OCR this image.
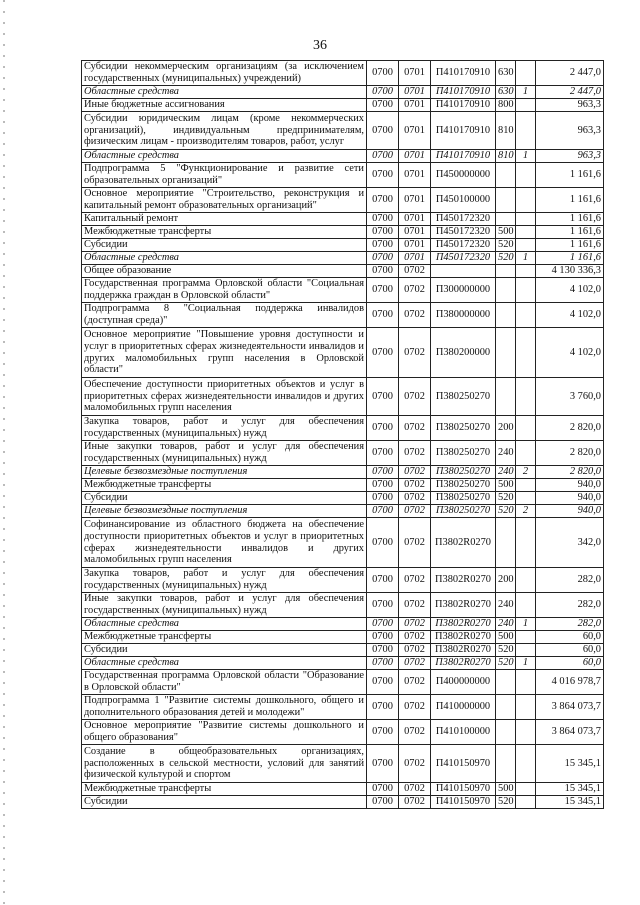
36
Субсидии некоммерческим организациям (за исключением государственных (муниципальных) учреждений)	0700	0701	П410170910	630		2 447,0
Областные средства	0700	0701	П410170910	630	1	2 447,0
Иные бюджетные ассигнования	0700	0701	П410170910	800		963,3
Субсидии юридическим лицам (кроме некоммерческих организаций), индивидуальным предпринимателям, физическим лицам - производителям товаров, работ, услуг	0700	0701	П410170910	810		963,3
Областные средства	0700	0701	П410170910	810	1	963,3
Подпрограмма 5 "Функционирование и развитие сети образовательных организаций"	0700	0701	П450000000			1 161,6
Основное мероприятие "Строительство, реконструкция и капитальный ремонт образовательных организаций"	0700	0701	П450100000			1 161,6
Капитальный ремонт	0700	0701	П450172320			1 161,6
Межбюджетные трансферты	0700	0701	П450172320	500		1 161,6
Субсидии	0700	0701	П450172320	520		1 161,6
Областные средства	0700	0701	П450172320	520	1	1 161,6
Общее образование	0700	0702				4 130 336,3
Государственная программа Орловской области "Социальная поддержка граждан в Орловской области"	0700	0702	П300000000			4 102,0
Подпрограмма 8 "Социальная поддержка инвалидов (доступная среда)"	0700	0702	П380000000			4 102,0
Основное мероприятие "Повышение уровня доступности и услуг в приоритетных сферах жизнедеятельности инвалидов и других маломобильных групп населения в Орловской области"	0700	0702	П380200000			4 102,0
Обеспечение доступности приоритетных объектов и услуг в приоритетных сферах жизнедеятельности инвалидов и других маломобильных групп населения	0700	0702	П380250270			3 760,0
Закупка товаров, работ и услуг для обеспечения государственных (муниципальных) нужд	0700	0702	П380250270	200		2 820,0
Иные закупки товаров, работ и услуг для обеспечения государственных (муниципальных) нужд	0700	0702	П380250270	240		2 820,0
Целевые безвозмездные поступления	0700	0702	П380250270	240	2	2 820,0
Межбюджетные трансферты	0700	0702	П380250270	500		940,0
Субсидии	0700	0702	П380250270	520		940,0
Целевые безвозмездные поступления	0700	0702	П380250270	520	2	940,0
Софинансирование из областного бюджета на обеспечение доступности приоритетных объектов и услуг в приоритетных сферах жизнедеятельности инвалидов и других маломобильных групп населения	0700	0702	П3802R0270			342,0
Закупка товаров, работ и услуг для обеспечения государственных (муниципальных) нужд	0700	0702	П3802R0270	200		282,0
Иные закупки товаров, работ и услуг для обеспечения государственных (муниципальных) нужд	0700	0702	П3802R0270	240		282,0
Областные средства	0700	0702	П3802R0270	240	1	282,0
Межбюджетные трансферты	0700	0702	П3802R0270	500		60,0
Субсидии	0700	0702	П3802R0270	520		60,0
Областные средства	0700	0702	П3802R0270	520	1	60,0
Государственная программа Орловской области "Образование в Орловской области"	0700	0702	П400000000			4 016 978,7
Подпрограмма 1 "Развитие системы дошкольного, общего и дополнительного образования детей и молодежи"	0700	0702	П410000000			3 864 073,7
Основное мероприятие "Развитие системы дошкольного и общего образования"	0700	0702	П410100000			3 864 073,7
Создание в общеобразовательных организациях, расположенных в сельской местности, условий для занятий физической культурой и спортом	0700	0702	П410150970			15 345,1
Межбюджетные трансферты	0700	0702	П410150970	500		15 345,1
Субсидии	0700	0702	П410150970	520		15 345,1
